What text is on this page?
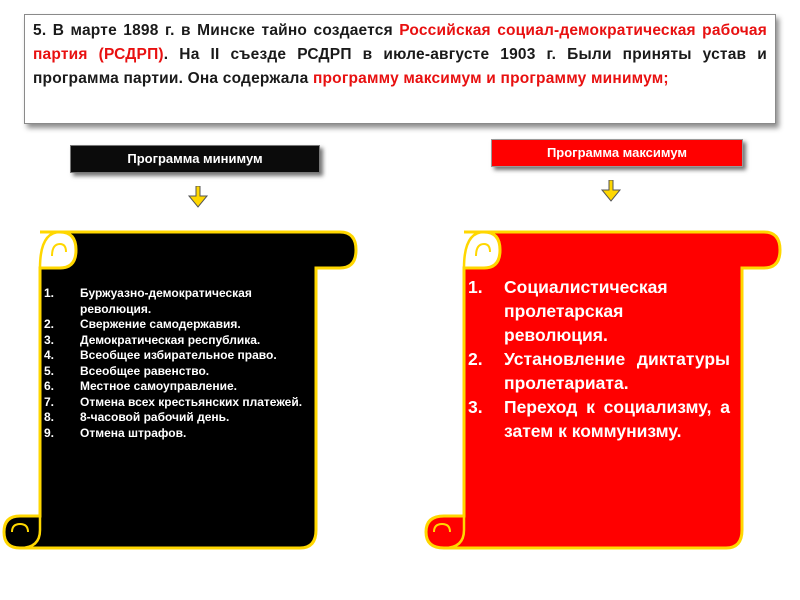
5. В марте 1898 г. в Минске тайно создается Российская социал-демократическая рабочая партия (РСДРП). На II съезде РСДРП в июле-августе 1903 г. Были приняты устав и программа партии. Она содержала программу максимум и программу минимум;
Программа минимум	Программа максимум
1. Буржуазно-демократическая революция.
2. Свержение самодержавия.
3. Демократическая республика.
4. Всеобщее избирательное право.
5. Всеобщее равенство.
6. Местное самоуправление.
7. Отмена всех крестьянских платежей.
8. 8-часовой рабочий день.
9. Отмена штрафов.
1. Социалистическая пролетарская революция.
2. Установление диктатуры пролетариата.
3. Переход к социализму, а затем к коммунизму.
